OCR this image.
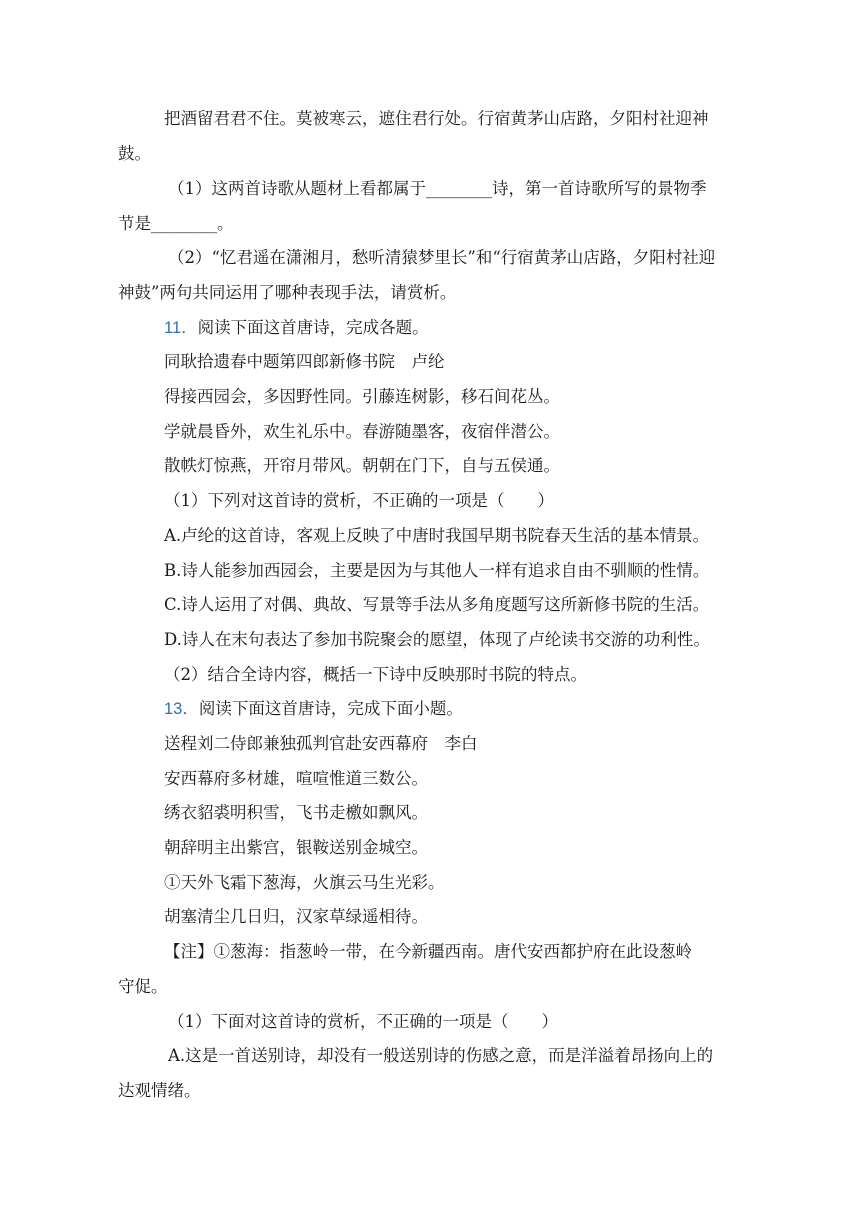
把酒留君君不住。莫被寒云，遮住君行处。行宿黄茅山店路，夕阳村社迎神
鼓。
（1）这两首诗歌从题材上看都属于________诗，第一首诗歌所写的景物季
节是________。
（2）“忆君遥在潇湘月，愁听清猿梦里长”和“行宿黄茅山店路，夕阳村社迎
神鼓”两句共同运用了哪种表现手法，请赏析。
11．阅读下面这首唐诗，完成各题。
同耿拾遗春中题第四郎新修书院　卢纶
得接西园会，多因野性同。引藤连树影，移石间花丛。
学就晨昏外，欢生礼乐中。春游随墨客，夜宿伴潜公。
散帙灯惊燕，开帘月带风。朝朝在门下，自与五侯通。
（1）下列对这首诗的赏析，不正确的一项是（　　）
A.卢纶的这首诗，客观上反映了中唐时我国早期书院春天生活的基本情景。
B.诗人能参加西园会，主要是因为与其他人一样有追求自由不驯顺的性情。
C.诗人运用了对偶、典故、写景等手法从多角度题写这所新修书院的生活。
D.诗人在末句表达了参加书院聚会的愿望，体现了卢纶读书交游的功利性。
（2）结合全诗内容，概括一下诗中反映那时书院的特点。
13．阅读下面这首唐诗，完成下面小题。
送程刘二侍郎兼独孤判官赴安西幕府　李白
安西幕府多材雄，喧喧惟道三数公。
绣衣貂裘明积雪，飞书走檄如飘风。
朝辞明主出紫宫，银鞍送别金城空。
①天外飞霜下葱海，火旗云马生光彩。
胡塞清尘几日归，汉家草绿遥相待。
【注】①葱海：指葱岭一带，在今新疆西南。唐代安西都护府在此设葱岭
守促。
（1）下面对这首诗的赏析，不正确的一项是（　　）
A.这是一首送别诗，却没有一般送别诗的伤感之意，而是洋溢着昂扬向上的
达观情绪。
